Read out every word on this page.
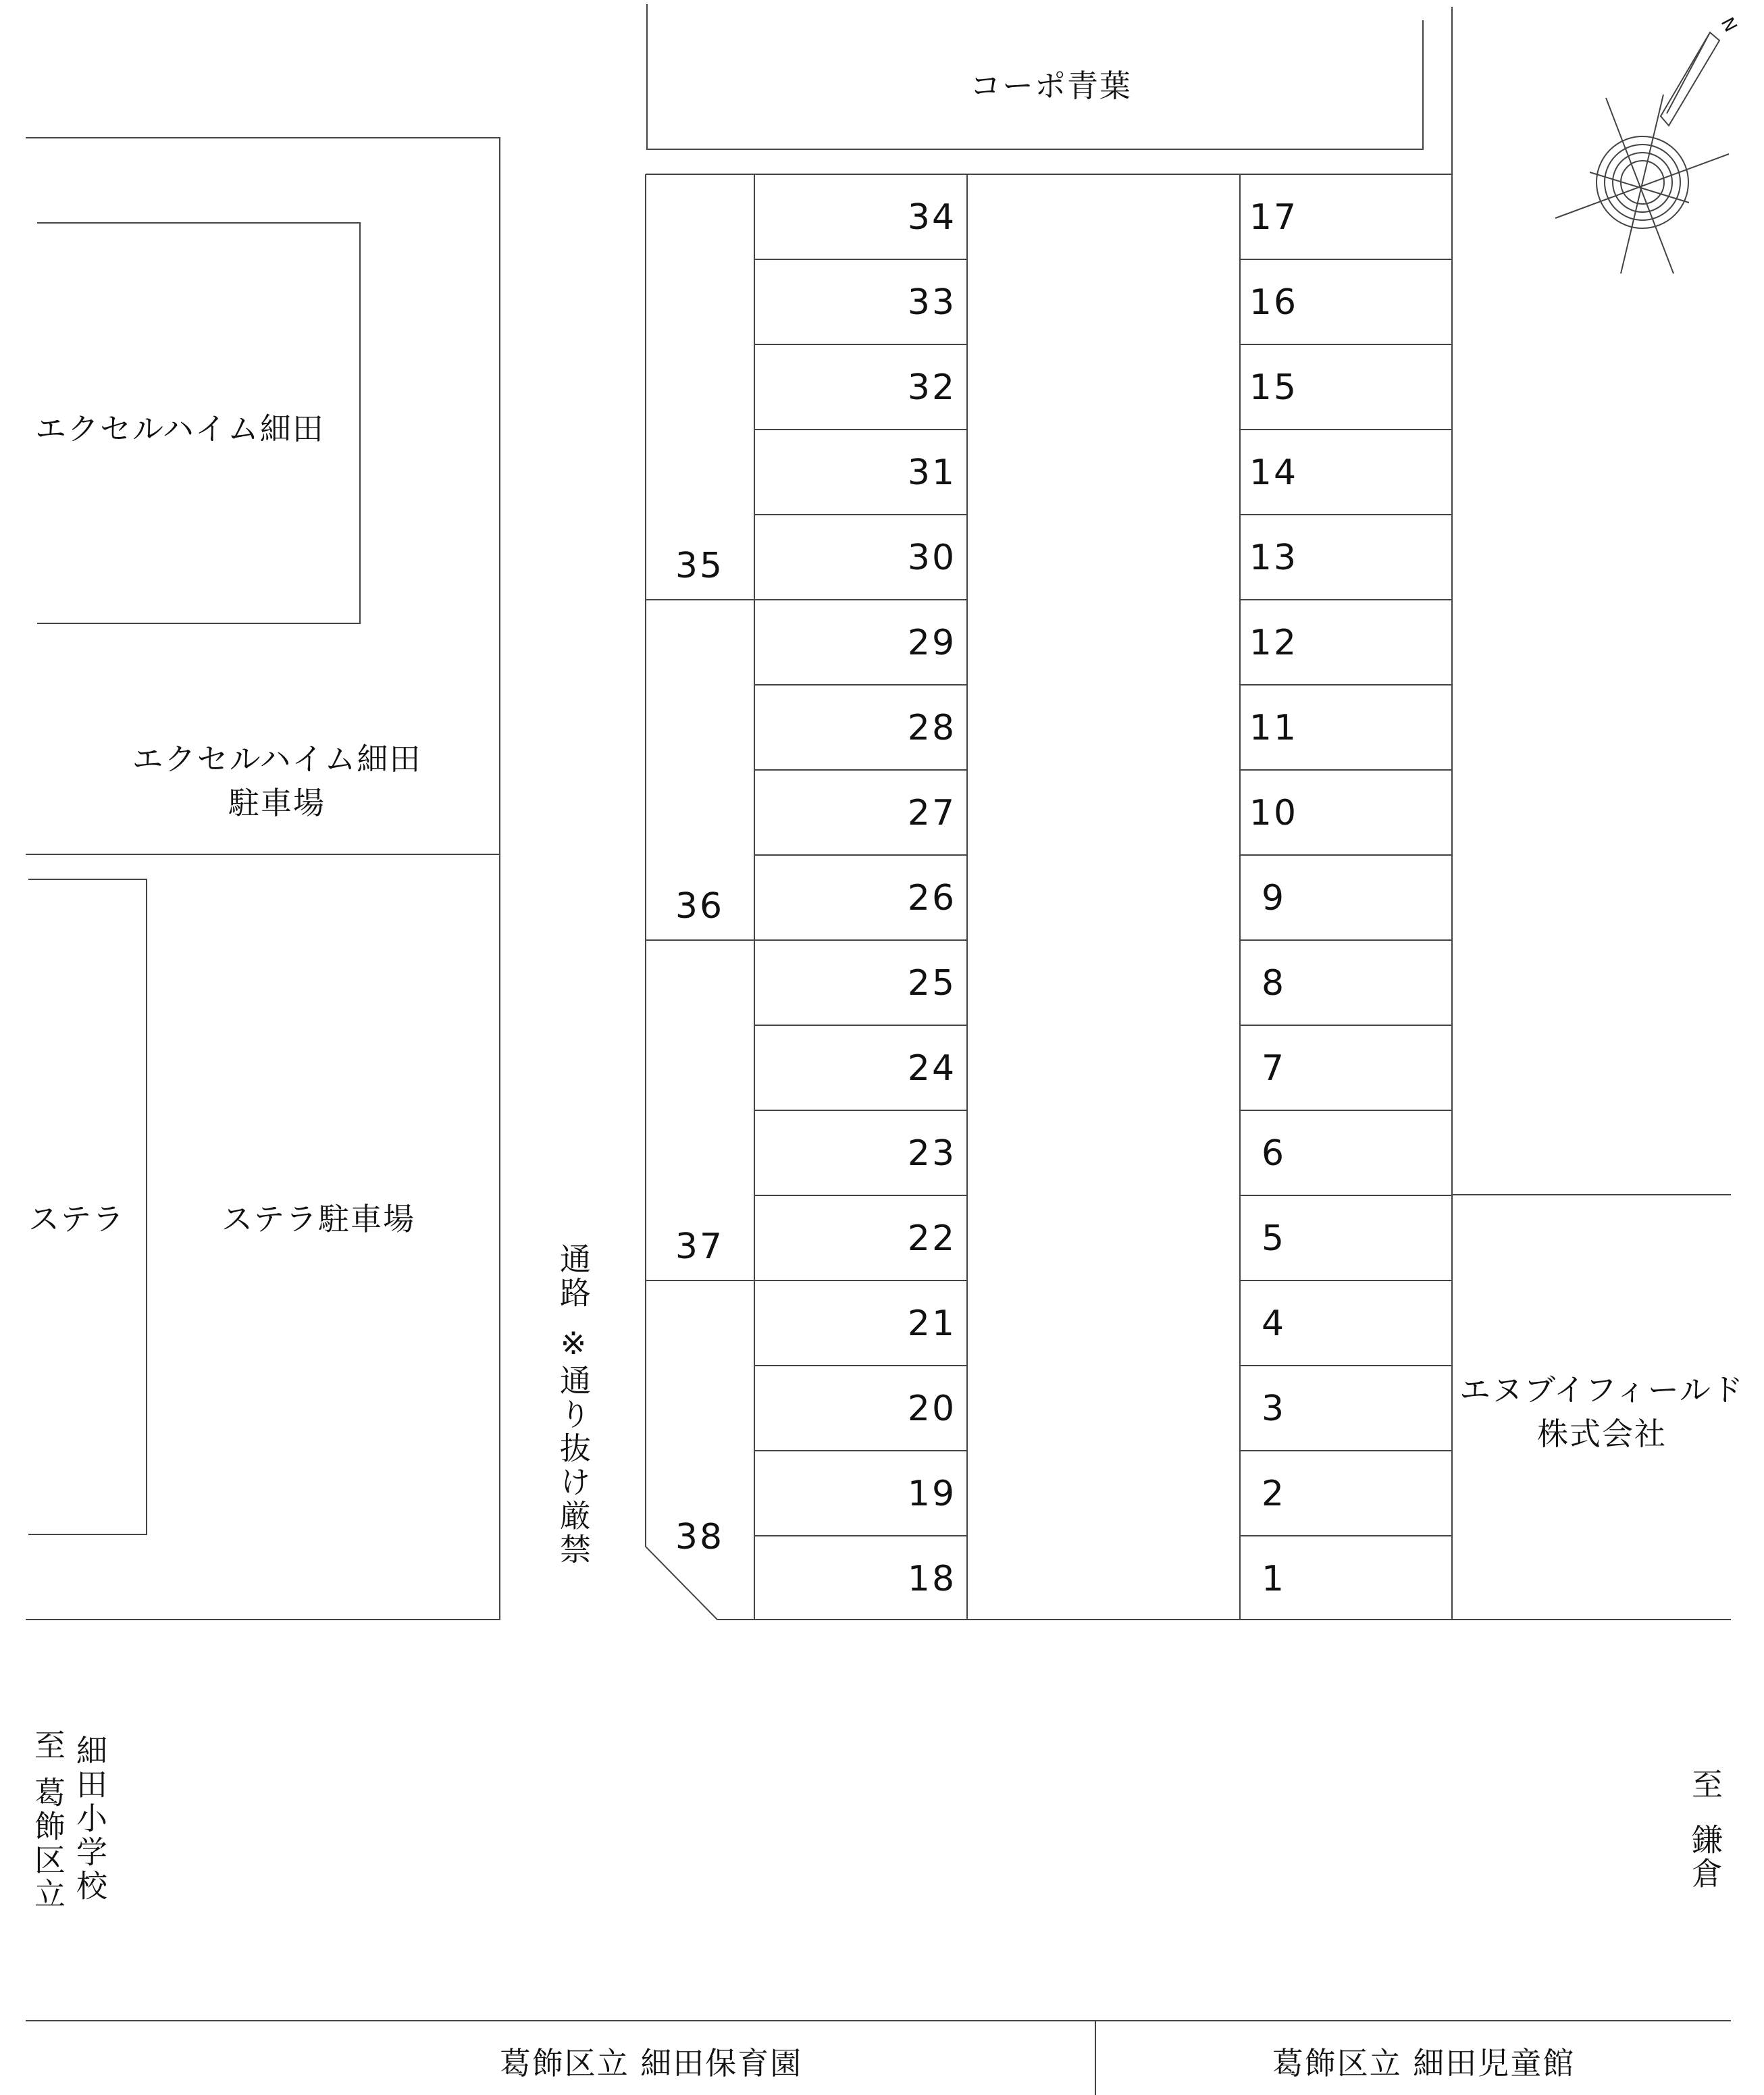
N
コーポ青葉
エクセルハイム細田
エクセルハイム細田
駐車場
ステラ	ステラ駐車場
エヌブイフィールド
株式会社
葛飾区立 細田保育園	葛飾区立 細田児童館
通路
※通り抜け厳禁
至
鎌倉
細田小学校
至
葛飾区立
34
33
32
31
30
29
28
27
26
25
24
23
22
21
20
19
18
17
16
15
14
13
12
11
10
9
8
7
6
5
4
3
2
1
35
36
37
38
